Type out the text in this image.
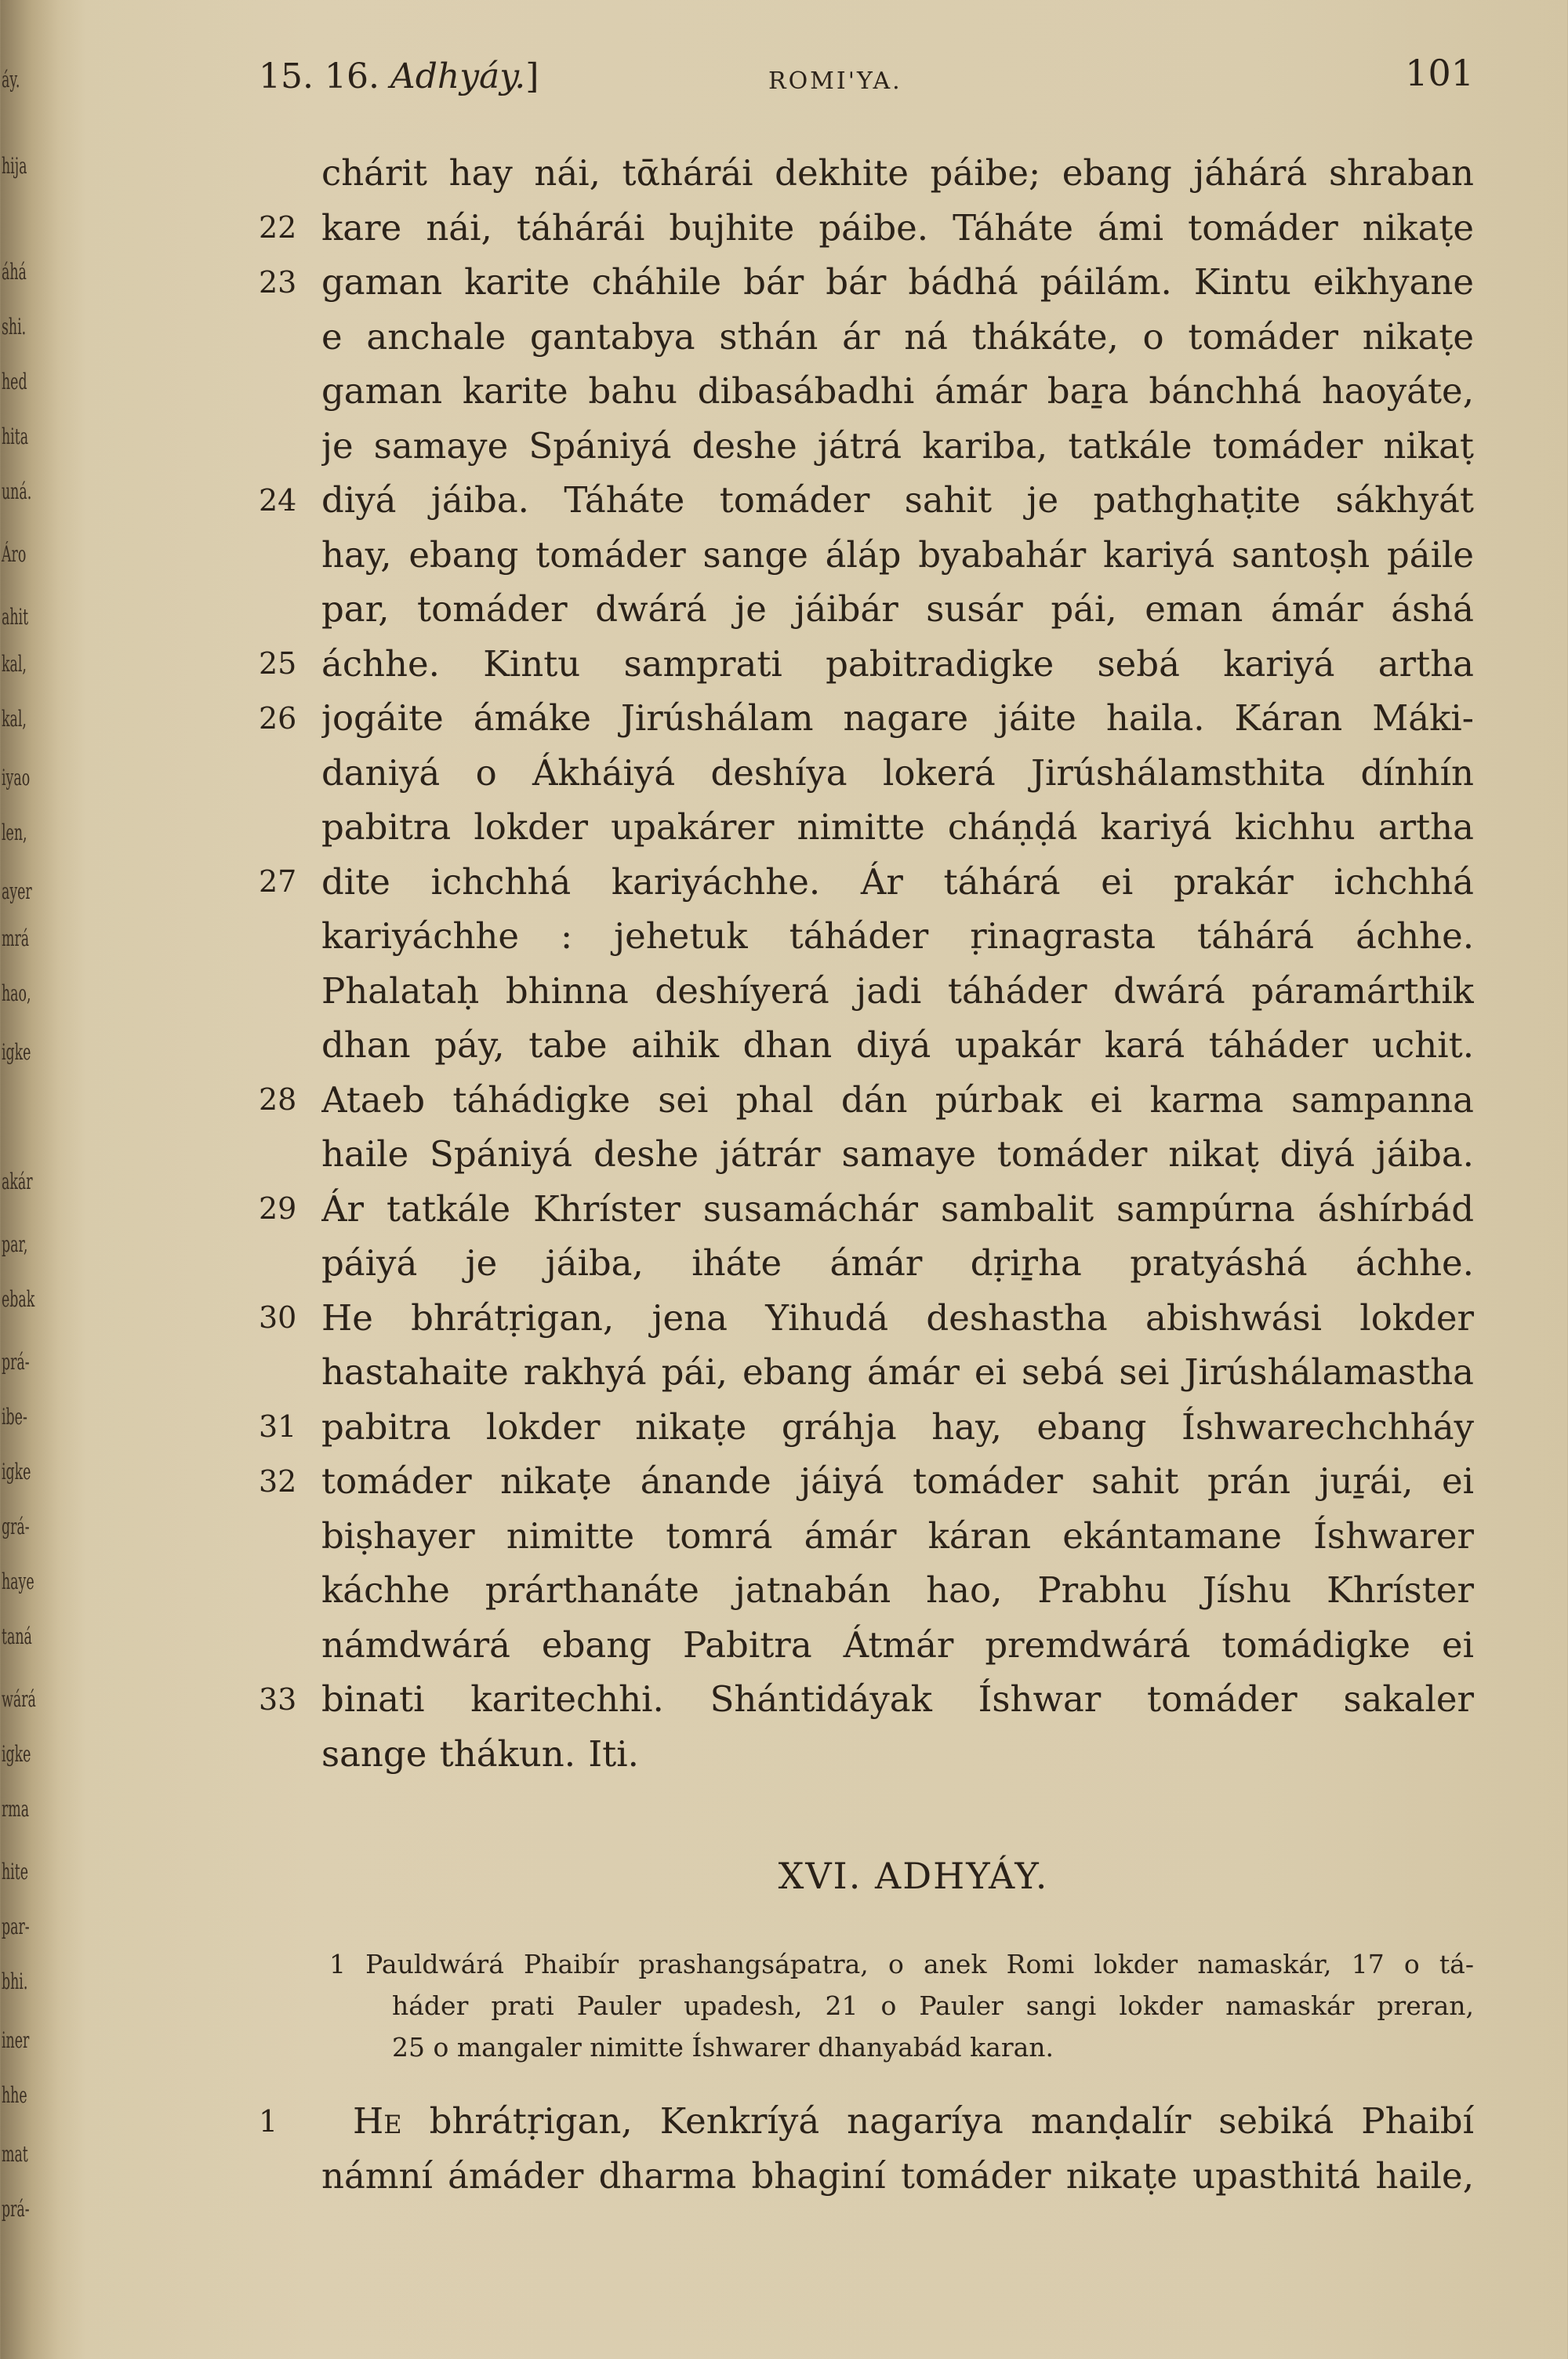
áy.
hija
áhá
shi.
hed
hita
uná.
Áro
ahit
kal,
kal,
iyao
len,
ayer
mrá
hao,
igke
akár
par,
ebak
prá-
ibe-
igke
grá-
haye
taná
wárá
igke
rma
hite
par-
bhi.
iner
hhe
mat
prá-
15. 16. Adhyáy.]	ROMI'YA.	101
chárit hay nái, tᾱhárái dekhite páibe; ebang jáhárá shraban
22 kare nái, táhárái bujhite páibe. Táháte ámi tomáder nikaṭe
23 gaman karite cháhile bár bár bádhá páilám. Kintu eikhyane
e anchale gantabya sthán ár ná thákáte, o tomáder nikaṭe
gaman karite bahu dibasábadhi ámár baṟa bánchhá haoyáte,
je samaye Spániyá deshe játrá kariba, tatkále tomáder nikaṭ
24 diyá jáiba. Táháte tomáder sahit je pathghaṭite sákhyát
hay, ebang tomáder sange áláp byabahár kariyá santoṣh páile
par, tomáder dwárá je jáibár susár pái, eman ámár áshá
25 áchhe. Kintu samprati pabitradigke sebá kariyá artha
26 jogáite ámáke Jirúshálam nagare jáite haila. Káran Máki-
daniyá o Ákháiyá deshíya lokerá Jirúshálamsthita dínhín
pabitra lokder upakárer nimitte cháṇḍá kariyá kichhu artha
27 dite ichchhá kariyáchhe. Ár táhárá ei prakár ichchhá
kariyáchhe : jehetuk táháder ṛinagrasta táhárá áchhe.
Phalataḥ bhinna deshíyerá jadi táháder dwárá páramárthik
dhan páy, tabe aihik dhan diyá upakár kará táháder uchit.
28 Ataeb táhádigke sei phal dán púrbak ei karma sampanna
haile Spániyá deshe játrár samaye tomáder nikaṭ diyá jáiba.
29 Ár tatkále Khríster susamáchár sambalit sampúrna áshírbád
páiyá je jáiba, iháte ámár dṛiṟha pratyáshá áchhe.
30 He bhrátṛigan, jena Yihudá deshastha abishwási lokder
hastahaite rakhyá pái, ebang ámár ei sebá sei Jirúshálamastha
31 pabitra lokder nikaṭe gráhja hay, ebang Íshwarechchháy
32 tomáder nikaṭe ánande jáiyá tomáder sahit prán juṟái, ei
biṣhayer nimitte tomrá ámár káran ekántamane Íshwarer
káchhe prárthanáte jatnabán hao, Prabhu Jíshu Khríster
námdwárá ebang Pabitra Átmár premdwárá tomádigke ei
33 binati karitechhi. Shántidáyak Íshwar tomáder sakaler
sange thákun. Iti.
XVI. ADHYÁY.
1 Pauldwárá Phaibír prashangsápatra, o anek Romi lokder namaskár, 17 o tá-
háder prati Pauler upadesh, 21 o Pauler sangi lokder namaskár preran,
25 o mangaler nimitte Íshwarer dhanyabád karan.
1	He bhrátṛigan, Kenkríyá nagaríya manḍalír sebiká Phaibí
námní ámáder dharma bhaginí tomáder nikaṭe upasthitá haile,
